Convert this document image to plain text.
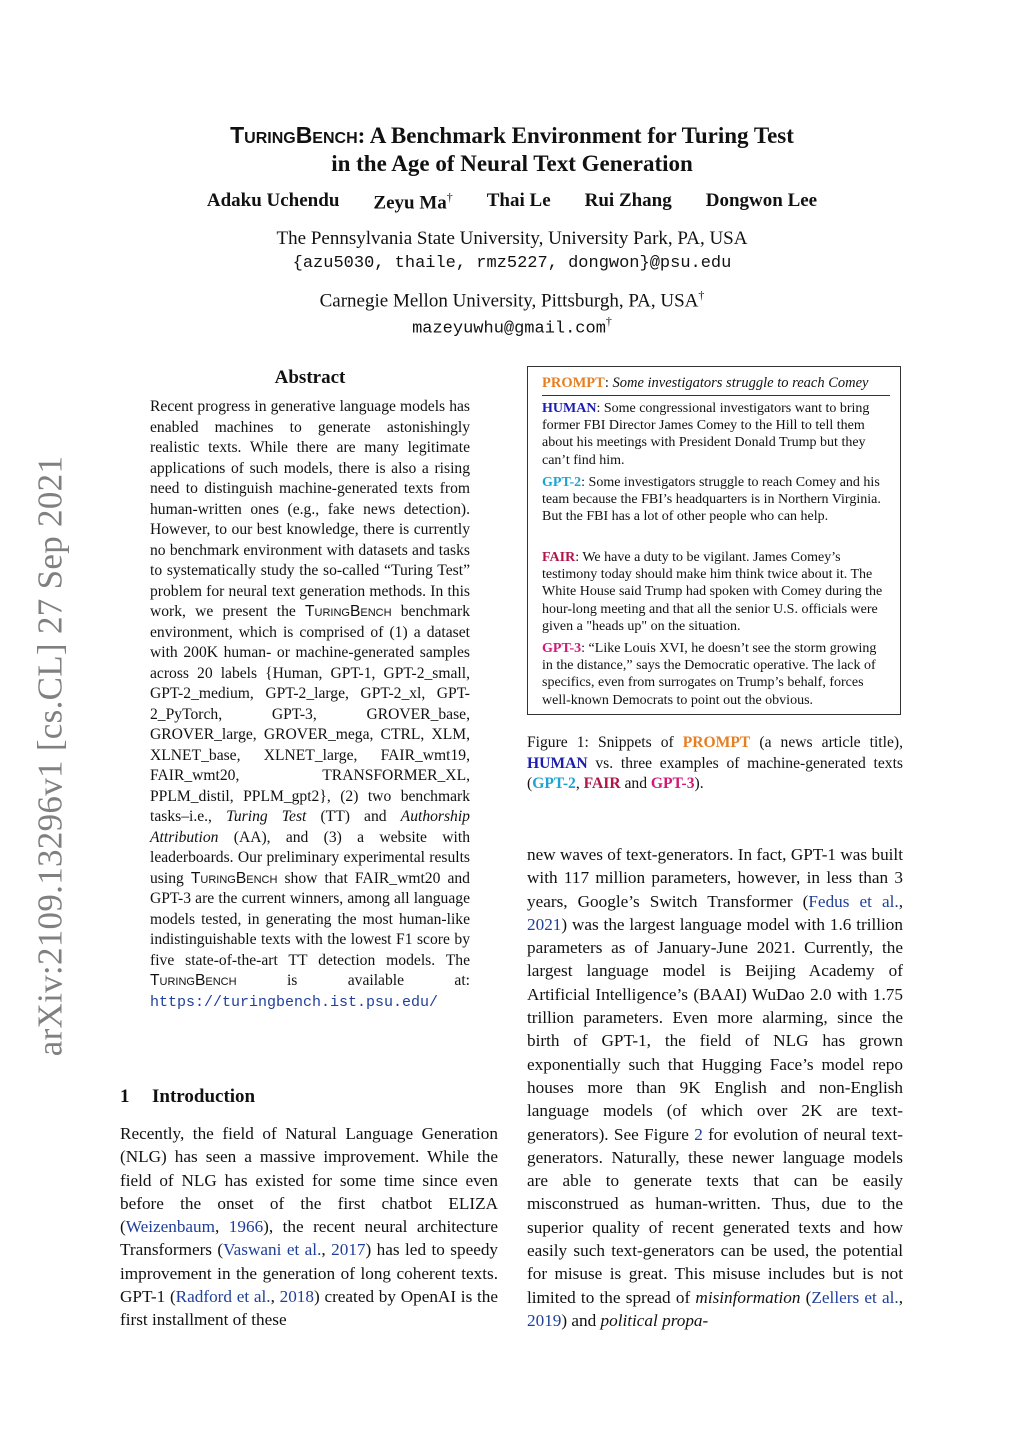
arXiv:2109.13296v1 [cs.CL] 27 Sep 2021
TuringBench: A Benchmark Environment for Turing Test
in the Age of Neural Text Generation
Adaku Uchendu Zeyu Ma† Thai Le Rui Zhang Dongwon Lee
The Pennsylvania State University, University Park, PA, USA
{azu5030, thaile, rmz5227, dongwon}@psu.edu
Carnegie Mellon University, Pittsburgh, PA, USA†
mazeyuwhu@gmail.com†
Abstract

Recent progress in generative language models has enabled machines to generate astonishingly realistic texts. While there are many legitimate applications of such models, there is also a rising need to distinguish machine-generated texts from human-written ones (e.g., fake news detection). However, to our best knowledge, there is currently no benchmark environment with datasets and tasks to systematically study the so-called “Turing Test” problem for neural text generation methods. In this work, we present the TuringBench benchmark environment, which is comprised of (1) a dataset with 200K human- or machine-generated samples across 20 labels {Human, GPT-1, GPT-2_small, GPT-2_medium, GPT-2_large, GPT-2_xl, GPT-2_PyTorch, GPT-3, GROVER_base, GROVER_large, GROVER_mega, CTRL, XLM, XLNET_base, XLNET_large, FAIR_wmt19, FAIR_wmt20, TRANSFORMER_XL, PPLM_distil, PPLM_gpt2}, (2) two benchmark tasks–i.e., Turing Test (TT) and Authorship Attribution (AA), and (3) a website with leaderboards. Our preliminary experimental results using TuringBench show that FAIR_wmt20 and GPT-3 are the current winners, among all language models tested, in generating the most human-like indistinguishable texts with the lowest F1 score by five state-of-the-art TT detection models. The TuringBench is available at: https://turingbench.ist.psu.edu/

1 Introduction

Recently, the field of Natural Language Generation (NLG) has seen a massive improvement. While the field of NLG has existed for some time since even before the onset of the first chatbot ELIZA (Weizenbaum, 1966), the recent neural architecture Transformers (Vaswani et al., 2017) has led to speedy improvement in the generation of long coherent texts. GPT-1 (Radford et al., 2018) created by OpenAI is the first installment of these

PROMPT: Some investigators struggle to reach Comey

HUMAN: Some congressional investigators want to bring former FBI Director James Comey to the Hill to tell them about his meetings with President Donald Trump but they can’t find him.

GPT-2: Some investigators struggle to reach Comey and his team because the FBI’s headquarters is in Northern Virginia. But the FBI has a lot of other people who can help.

FAIR: We have a duty to be vigilant. James Comey’s testimony today should make him think twice about it. The White House said Trump had spoken with Comey during the hour-long meeting and that all the senior U.S. officials were given a "heads up" on the situation.

GPT-3: “Like Louis XVI, he doesn’t see the storm growing in the distance,” says the Democratic operative. The lack of specifics, even from surrogates on Trump’s behalf, forces well-known Democrats to point out the obvious.

Figure 1: Snippets of PROMPT (a news article title), HUMAN vs. three examples of machine-generated texts (GPT-2, FAIR and GPT-3).

new waves of text-generators. In fact, GPT-1 was built with 117 million parameters, however, in less than 3 years, Google’s Switch Transformer (Fedus et al., 2021) was the largest language model with 1.6 trillion parameters as of January-June 2021. Currently, the largest language model is Beijing Academy of Artificial Intelligence’s (BAAI) WuDao 2.0 with 1.75 trillion parameters. Even more alarming, since the birth of GPT-1, the field of NLG has grown exponentially such that Hugging Face’s model repo houses more than 9K English and non-English language models (of which over 2K are text-generators). See Figure 2 for evolution of neural text-generators. Naturally, these newer language models are able to generate texts that can be easily misconstrued as human-written. Thus, due to the superior quality of recent generated texts and how easily such text-generators can be used, the potential for misuse is great. This misuse includes but is not limited to the spread of misinformation (Zellers et al., 2019) and political propa-
